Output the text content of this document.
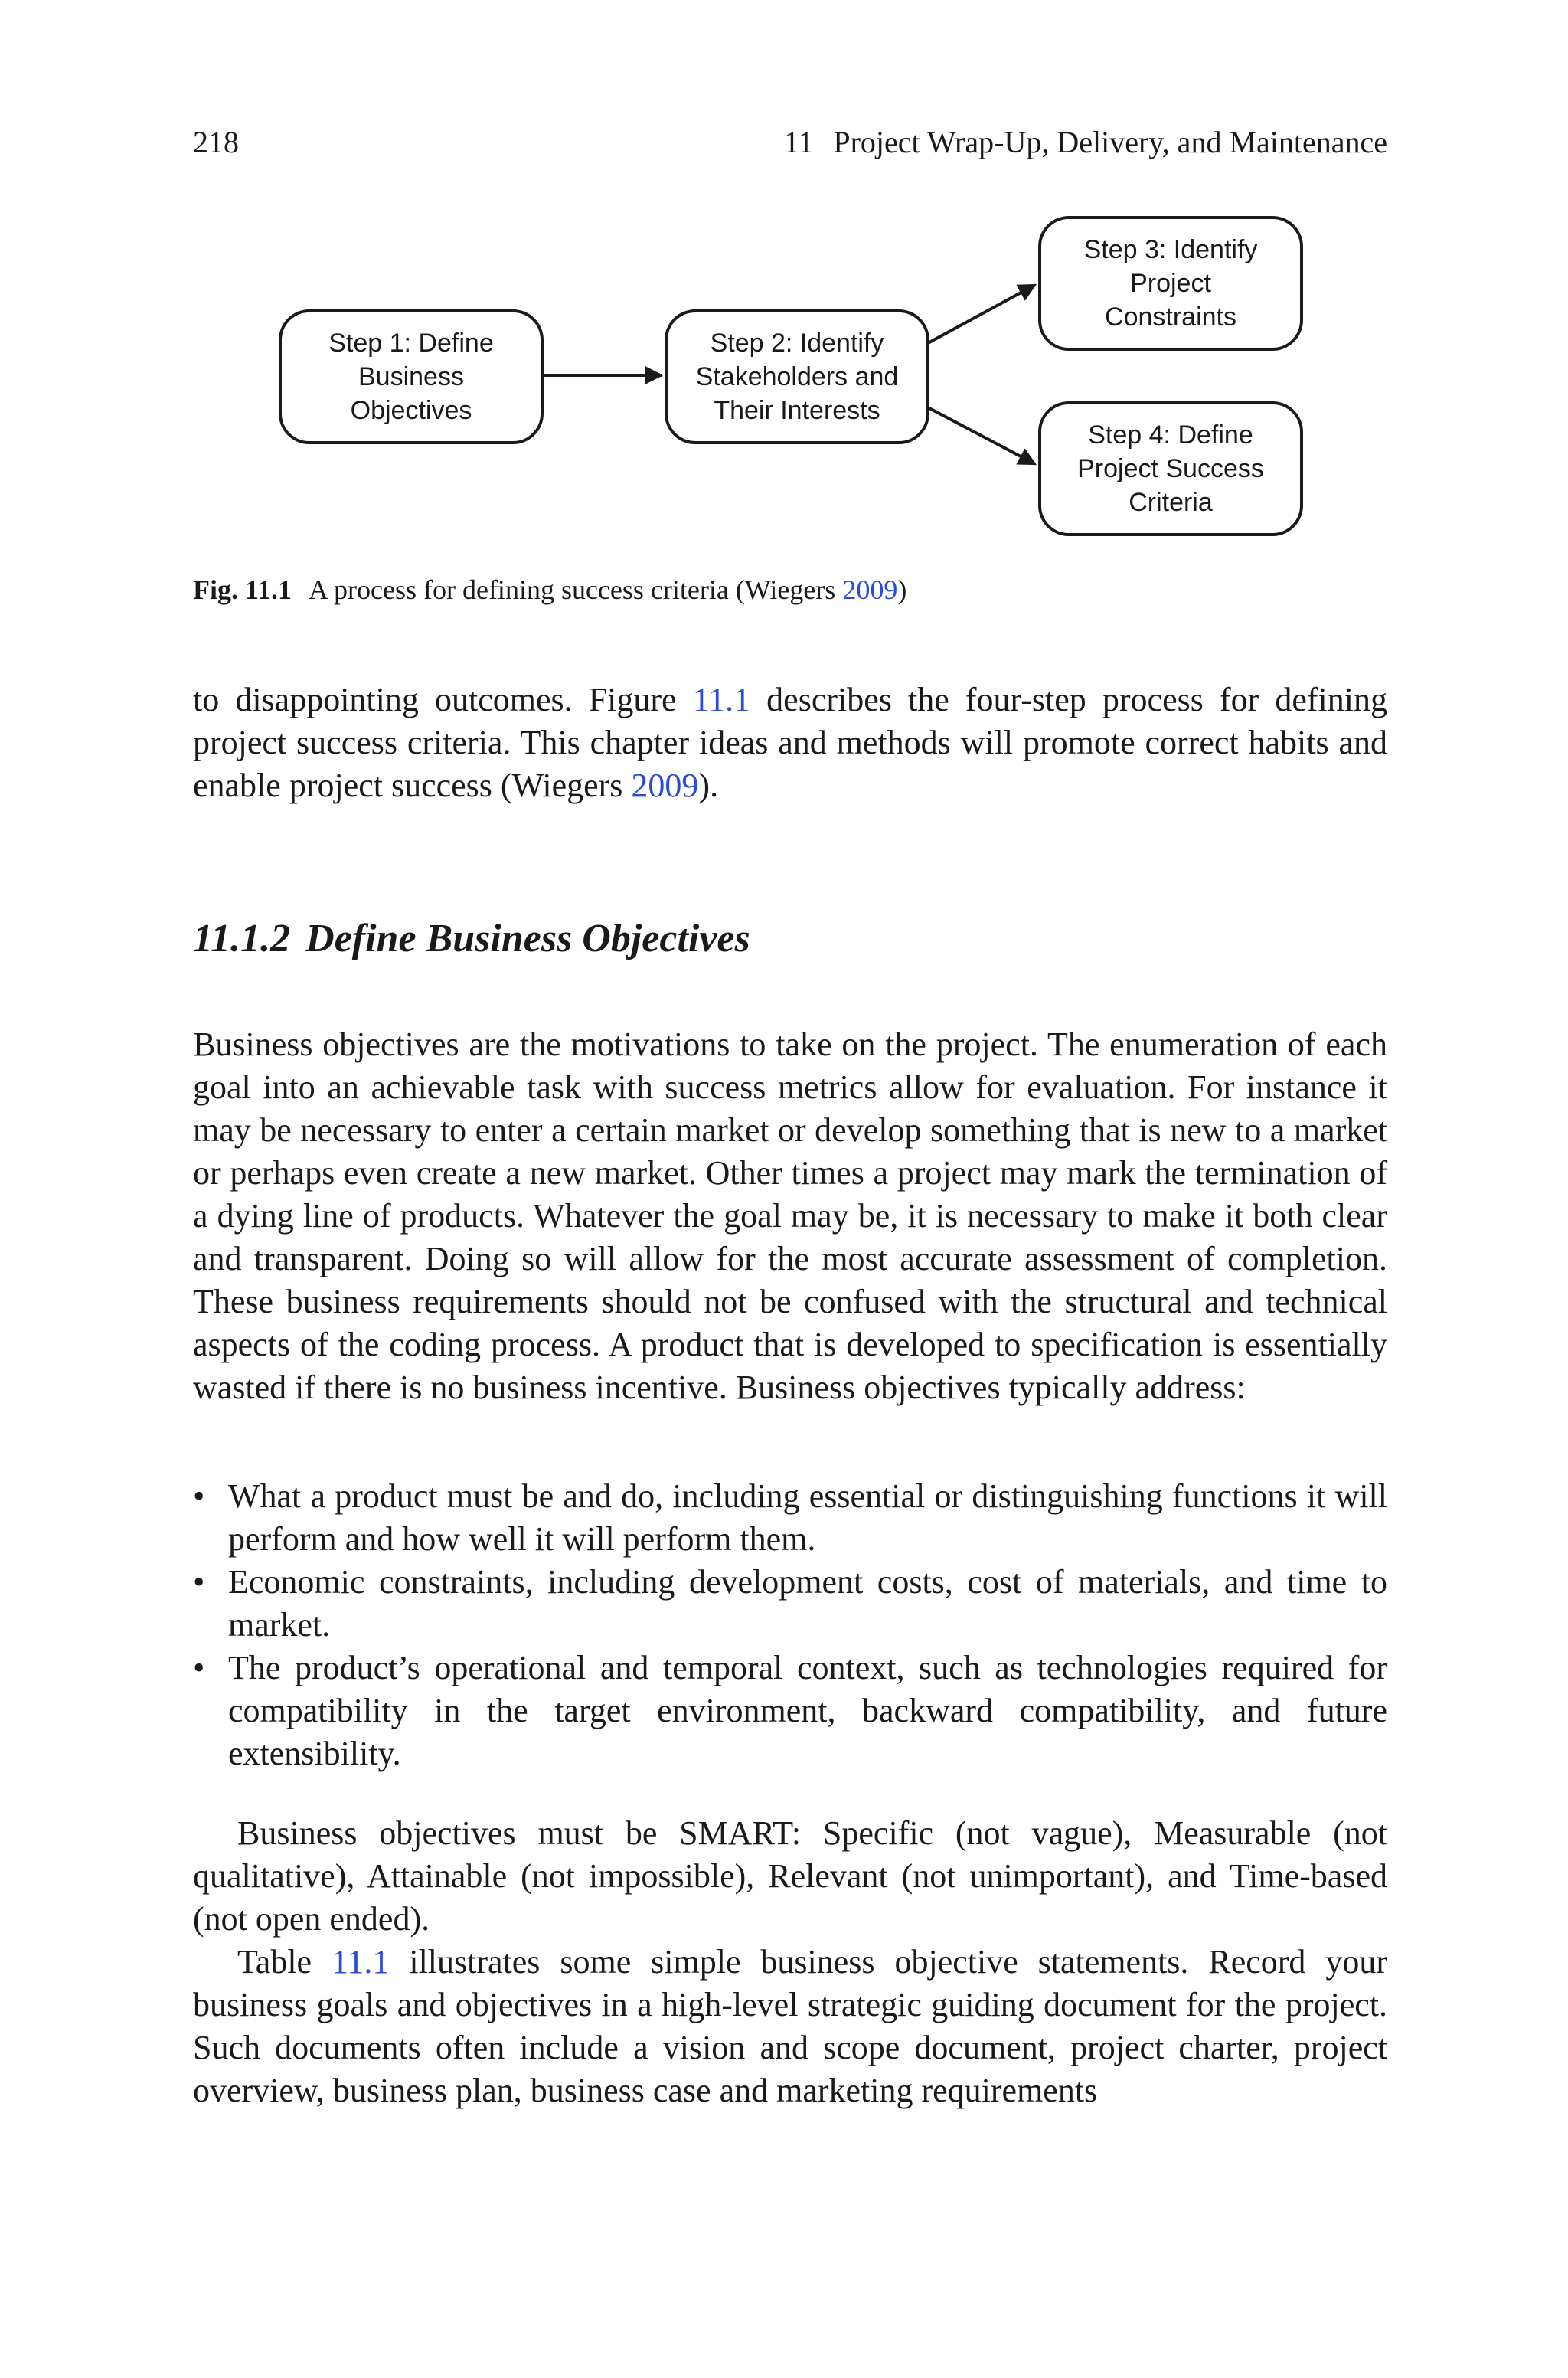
218	11 Project Wrap-Up, Delivery, and Maintenance
Step 1: Define
Business
Objectives
Step 2: Identify
Stakeholders and
Their Interests
Step 3: Identify
Project
Constraints
Step 4: Define
Project Success
Criteria
Fig. 11.1 A process for defining success criteria (Wiegers 2009)
to disappointing outcomes. Figure 11.1 describes the four-step process for defining project success criteria. This chapter ideas and methods will promote correct habits and enable project success (Wiegers 2009).
11.1.2 Define Business Objectives
Business objectives are the motivations to take on the project. The enumeration of each goal into an achievable task with success metrics allow for evaluation. For instance it may be necessary to enter a certain market or develop something that is new to a market or perhaps even create a new market. Other times a project may mark the termination of a dying line of products. Whatever the goal may be, it is necessary to make it both clear and transparent. Doing so will allow for the most accurate assessment of completion. These business requirements should not be confused with the structural and technical aspects of the coding process. A product that is developed to specification is essentially wasted if there is no business incentive. Business objectives typically address:
• What a product must be and do, including essential or distinguishing functions it will perform and how well it will perform them.
• Economic constraints, including development costs, cost of materials, and time to market.
• The product’s operational and temporal context, such as technologies required for compatibility in the target environment, backward compatibility, and future extensibility.
Business objectives must be SMART: Specific (not vague), Measurable (not qualitative), Attainable (not impossible), Relevant (not unimportant), and Time-based (not open ended).
Table 11.1 illustrates some simple business objective statements. Record your business goals and objectives in a high-level strategic guiding document for the project. Such documents often include a vision and scope document, project charter, project overview, business plan, business case and marketing requirements
